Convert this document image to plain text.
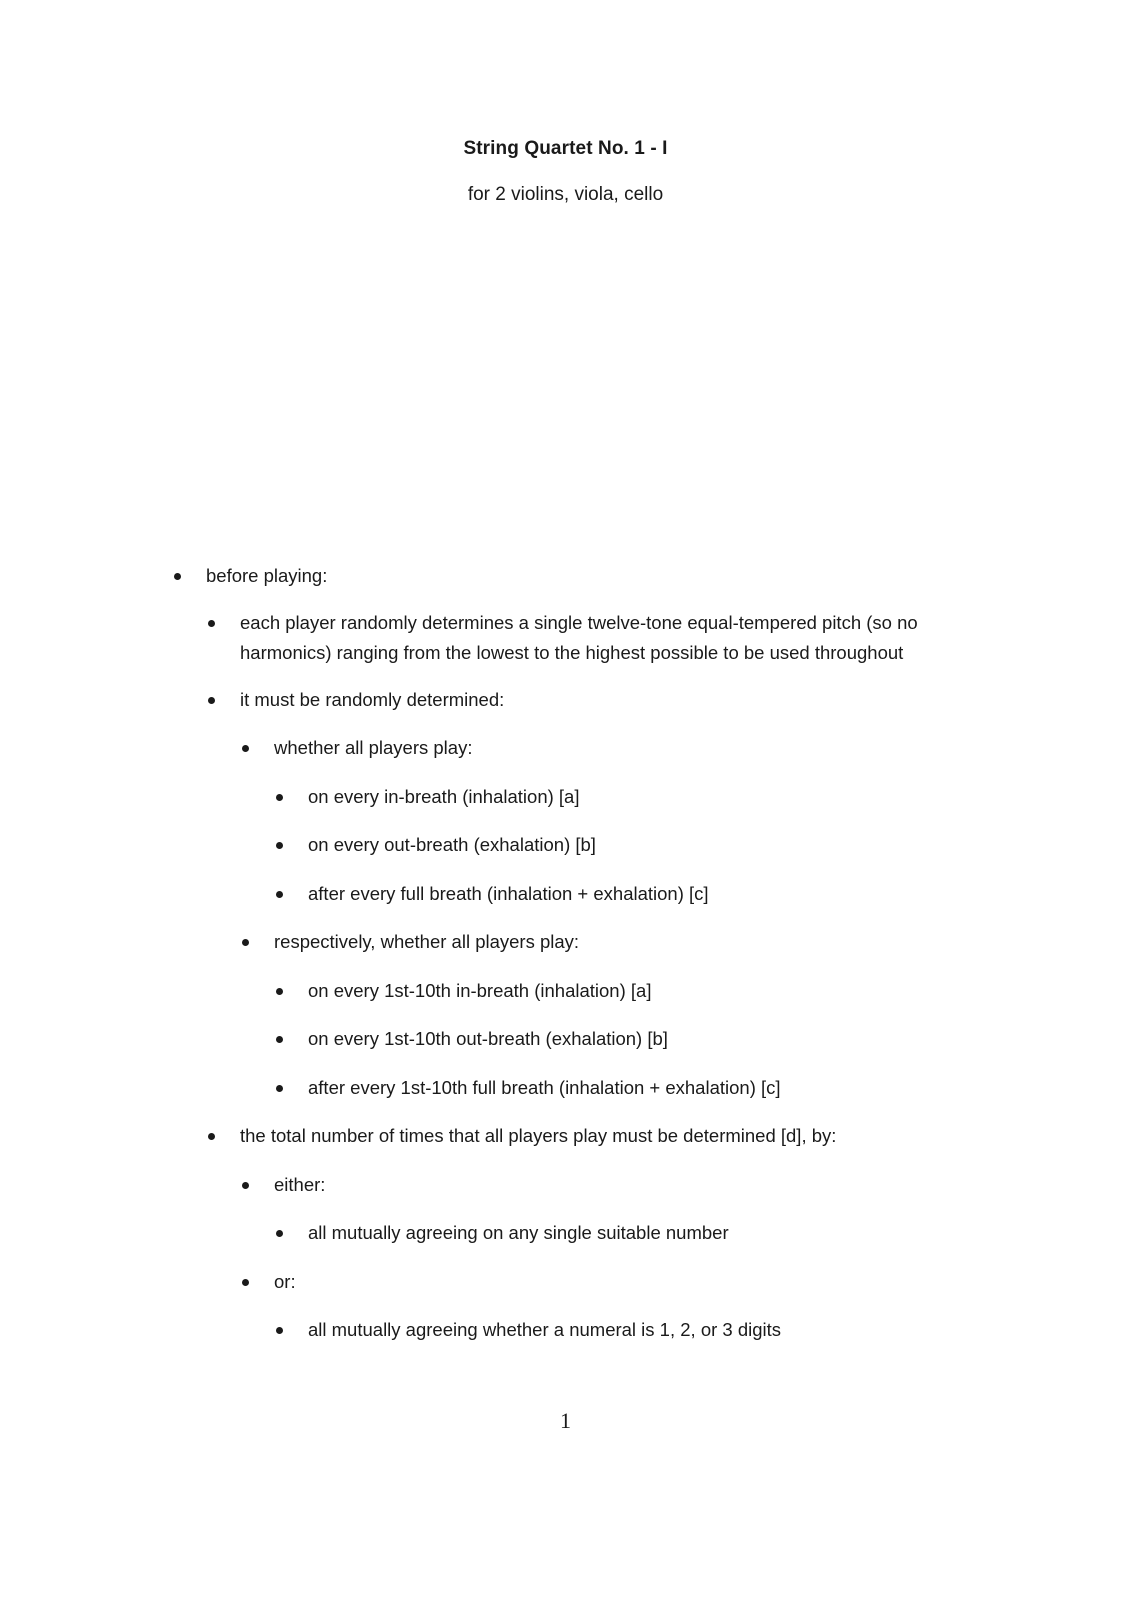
String Quartet No. 1 - I
for 2 violins, viola, cello
before playing:
each player randomly determines a single twelve-tone equal-tempered pitch (so no harmonics) ranging from the lowest to the highest possible to be used throughout
it must be randomly determined:
whether all players play:
on every in-breath (inhalation) [a]
on every out-breath (exhalation) [b]
after every full breath (inhalation + exhalation) [c]
respectively, whether all players play:
on every 1st-10th in-breath (inhalation) [a]
on every 1st-10th out-breath (exhalation) [b]
after every 1st-10th full breath (inhalation + exhalation) [c]
the total number of times that all players play must be determined [d], by:
either:
all mutually agreeing on any single suitable number
or:
all mutually agreeing whether a numeral is 1, 2, or 3 digits
1
